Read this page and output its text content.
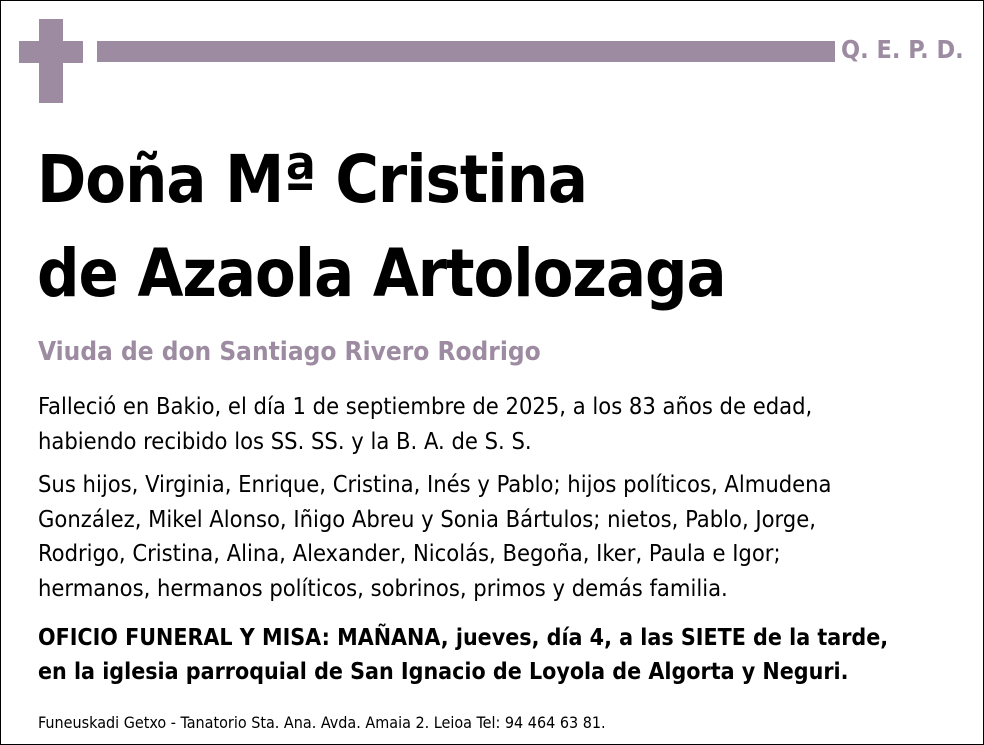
Q. E. P. D.
Doña Mª Cristina
de Azaola Artolozaga
Viuda de don Santiago Rivero Rodrigo
Falleció en Bakio, el día 1 de septiembre de 2025, a los 83 años de edad,
habiendo recibido los SS. SS. y la B. A. de S. S.
Sus hijos, Virginia, Enrique, Cristina, Inés y Pablo; hijos políticos, Almudena
González, Mikel Alonso, Iñigo Abreu y Sonia Bártulos; nietos, Pablo, Jorge,
Rodrigo, Cristina, Alina, Alexander, Nicolás, Begoña, Iker, Paula e Igor;
hermanos, hermanos políticos, sobrinos, primos y demás familia.
OFICIO FUNERAL Y MISA: MAÑANA, jueves, día 4, a las SIETE de la tarde,
en la iglesia parroquial de San Ignacio de Loyola de Algorta y Neguri.
Funeuskadi Getxo - Tanatorio Sta. Ana. Avda. Amaia 2. Leioa Tel: 94 464 63 81.
